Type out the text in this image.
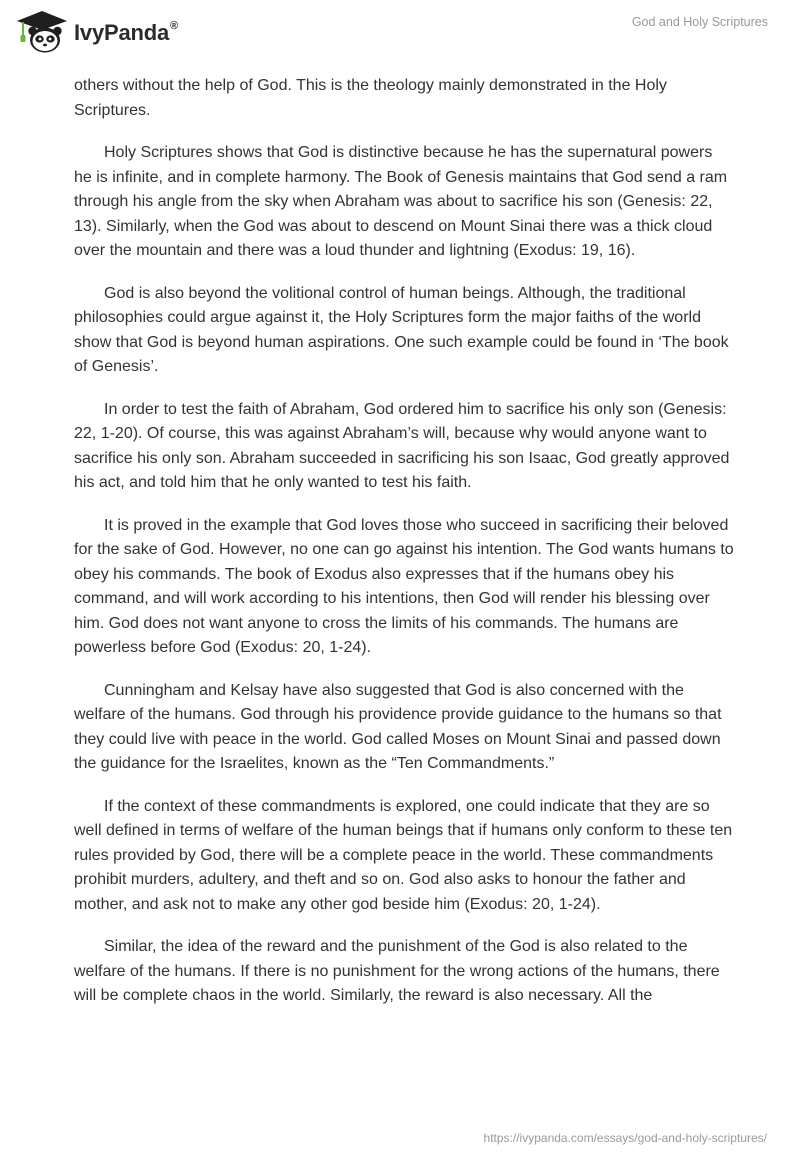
IvyPanda®	God and Holy Scriptures

others without the help of God. This is the theology mainly demonstrated in the Holy Scriptures.

Holy Scriptures shows that God is distinctive because he has the supernatural powers he is infinite, and in complete harmony. The Book of Genesis maintains that God send a ram through his angle from the sky when Abraham was about to sacrifice his son (Genesis: 22, 13). Similarly, when the God was about to descend on Mount Sinai there was a thick cloud over the mountain and there was a loud thunder and lightning (Exodus: 19, 16).

God is also beyond the volitional control of human beings. Although, the traditional philosophies could argue against it, the Holy Scriptures form the major faiths of the world show that God is beyond human aspirations. One such example could be found in ‘The book of Genesis’.

In order to test the faith of Abraham, God ordered him to sacrifice his only son (Genesis: 22, 1-20). Of course, this was against Abraham’s will, because why would anyone want to sacrifice his only son. Abraham succeeded in sacrificing his son Isaac, God greatly approved his act, and told him that he only wanted to test his faith.

It is proved in the example that God loves those who succeed in sacrificing their beloved for the sake of God. However, no one can go against his intention. The God wants humans to obey his commands. The book of Exodus also expresses that if the humans obey his command, and will work according to his intentions, then God will render his blessing over him. God does not want anyone to cross the limits of his commands. The humans are powerless before God (Exodus: 20, 1-24).

Cunningham and Kelsay have also suggested that God is also concerned with the welfare of the humans. God through his providence provide guidance to the humans so that they could live with peace in the world. God called Moses on Mount Sinai and passed down the guidance for the Israelites, known as the “Ten Commandments.”

If the context of these commandments is explored, one could indicate that they are so well defined in terms of welfare of the human beings that if humans only conform to these ten rules provided by God, there will be a complete peace in the world. These commandments prohibit murders, adultery, and theft and so on. God also asks to honour the father and mother, and ask not to make any other god beside him (Exodus: 20, 1-24).

Similar, the idea of the reward and the punishment of the God is also related to the welfare of the humans. If there is no punishment for the wrong actions of the humans, there will be complete chaos in the world. Similarly, the reward is also necessary. All the

https://ivypanda.com/essays/god-and-holy-scriptures/
